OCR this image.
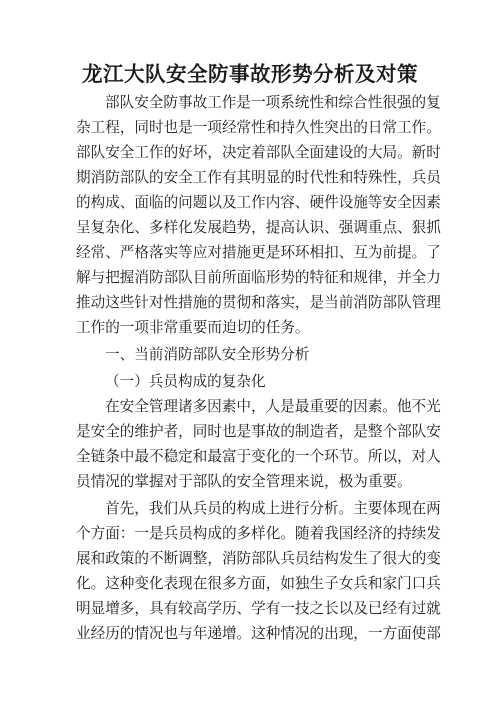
龙江大队安全防事故形势分析及对策

部队安全防事故工作是一项系统性和综合性很强的复

杂工程，同时也是一项经常性和持久性突出的日常工作。

部队安全工作的好坏，决定着部队全面建设的大局。新时

期消防部队的安全工作有其明显的时代性和特殊性，兵员

的构成、面临的问题以及工作内容、硬件设施等安全因素

呈复杂化、多样化发展趋势，提高认识、强调重点、狠抓

经常、严格落实等应对措施更是环环相扣、互为前提。了

解与把握消防部队目前所面临形势的特征和规律，并全力

推动这些针对性措施的贯彻和落实，是当前消防部队管理

工作的一项非常重要而迫切的任务。

一、当前消防部队安全形势分析

（一）兵员构成的复杂化

在安全管理诸多因素中，人是最重要的因素。他不光

是安全的维护者，同时也是事故的制造者，是整个部队安

全链条中最不稳定和最富于变化的一个环节。所以，对人

员情况的掌握对于部队的安全管理来说，极为重要。

首先，我们从兵员的构成上进行分析。主要体现在两

个方面：一是兵员构成的多样化。随着我国经济的持续发

展和政策的不断调整，消防部队兵员结构发生了很大的变

化。这种变化表现在很多方面，如独生子女兵和家门口兵

明显增多，具有较高学历、学有一技之长以及已经有过就

业经历的情况也与年递增。这种情况的出现，一方面使部
